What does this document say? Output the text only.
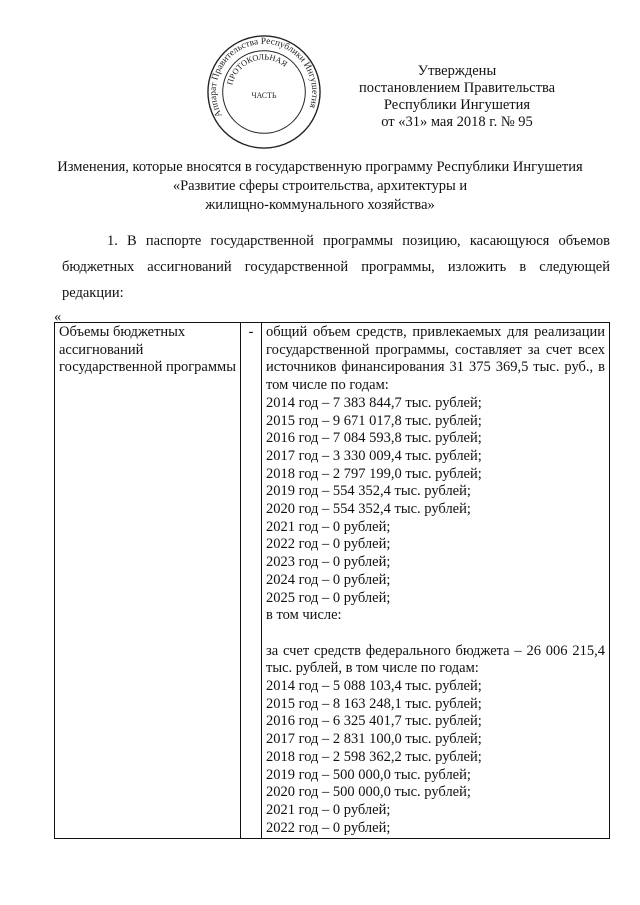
Аппарат Правительства Республики Ингушетия
ПРОТОКОЛЬНАЯ
ЧАСТЬ
Утверждены
постановлением Правительства
Республики Ингушетия
от «31» мая 2018 г. № 95
Изменения, которые вносятся в государственную программу Республики Ингушетия
«Развитие сферы строительства, архитектуры и
жилищно-коммунального хозяйства»
1. В паспорте государственной программы позицию, касающуюся объемов
бюджетных ассигнований государственной программы, изложить в следующей
редакции:
«
Объемы бюджетных ассигнований государственной программы	-	общий объем средств, привлекаемых для реализации государственной программы, составляет за счет всех источников финансирования 31 375 369,5 тыс. руб., в том числе по годам:
2014 год – 7 383 844,7 тыс. рублей;
2015 год – 9 671 017,8 тыс. рублей;
2016 год – 7 084 593,8 тыс. рублей;
2017 год – 3 330 009,4 тыс. рублей;
2018 год – 2 797 199,0 тыс. рублей;
2019 год – 554 352,4 тыс. рублей;
2020 год – 554 352,4 тыс. рублей;
2021 год – 0 рублей;
2022 год – 0 рублей;
2023 год – 0 рублей;
2024 год – 0 рублей;
2025 год – 0 рублей;
в том числе:
за счет средств федерального бюджета – 26 006 215,4 тыс. рублей, в том числе по годам:
2014 год – 5 088 103,4 тыс. рублей;
2015 год – 8 163 248,1 тыс. рублей;
2016 год – 6 325 401,7 тыс. рублей;
2017 год – 2 831 100,0 тыс. рублей;
2018 год – 2 598 362,2 тыс. рублей;
2019 год – 500 000,0 тыс. рублей;
2020 год – 500 000,0 тыс. рублей;
2021 год – 0 рублей;
2022 год – 0 рублей;
